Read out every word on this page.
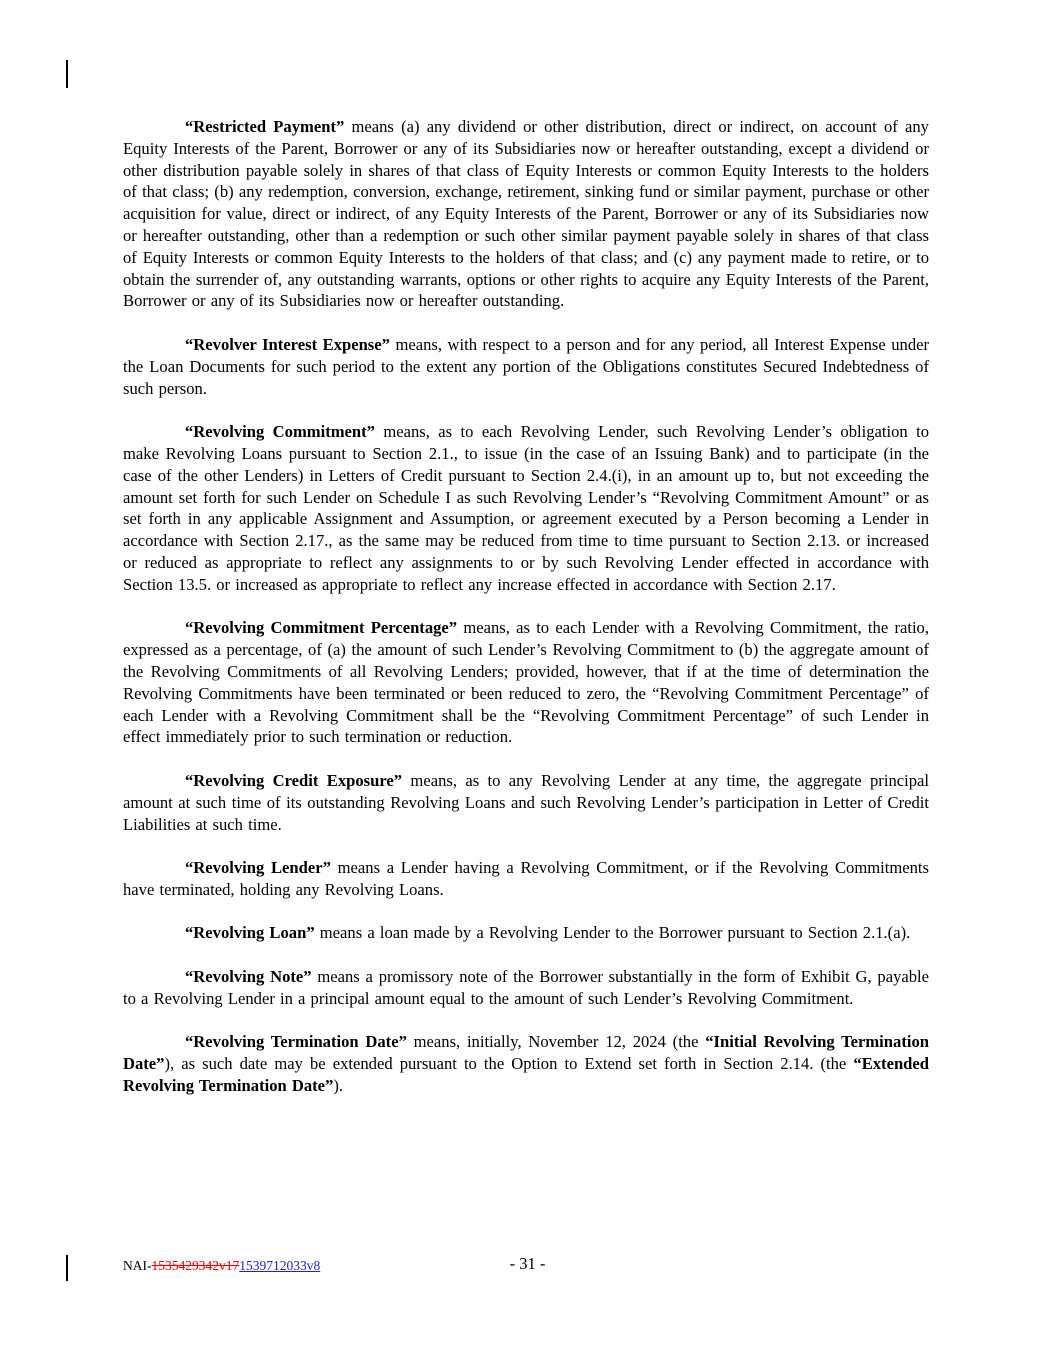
“Restricted Payment” means (a) any dividend or other distribution, direct or indirect, on account of any Equity Interests of the Parent, Borrower or any of its Subsidiaries now or hereafter outstanding, except a dividend or other distribution payable solely in shares of that class of Equity Interests or common Equity Interests to the holders of that class; (b) any redemption, conversion, exchange, retirement, sinking fund or similar payment, purchase or other acquisition for value, direct or indirect, of any Equity Interests of the Parent, Borrower or any of its Subsidiaries now or hereafter outstanding, other than a redemption or such other similar payment payable solely in shares of that class of Equity Interests or common Equity Interests to the holders of that class; and (c) any payment made to retire, or to obtain the surrender of, any outstanding warrants, options or other rights to acquire any Equity Interests of the Parent, Borrower or any of its Subsidiaries now or hereafter outstanding.

“Revolver Interest Expense” means, with respect to a person and for any period, all Interest Expense under the Loan Documents for such period to the extent any portion of the Obligations constitutes Secured Indebtedness of such person.

“Revolving Commitment” means, as to each Revolving Lender, such Revolving Lender’s obligation to make Revolving Loans pursuant to Section 2.1., to issue (in the case of an Issuing Bank) and to participate (in the case of the other Lenders) in Letters of Credit pursuant to Section 2.4.(i), in an amount up to, but not exceeding the amount set forth for such Lender on Schedule I as such Revolving Lender’s “Revolving Commitment Amount” or as set forth in any applicable Assignment and Assumption, or agreement executed by a Person becoming a Lender in accordance with Section 2.17., as the same may be reduced from time to time pursuant to Section 2.13. or increased or reduced as appropriate to reflect any assignments to or by such Revolving Lender effected in accordance with Section 13.5. or increased as appropriate to reflect any increase effected in accordance with Section 2.17.

“Revolving Commitment Percentage” means, as to each Lender with a Revolving Commitment, the ratio, expressed as a percentage, of (a) the amount of such Lender’s Revolving Commitment to (b) the aggregate amount of the Revolving Commitments of all Revolving Lenders; provided, however, that if at the time of determination the Revolving Commitments have been terminated or been reduced to zero, the “Revolving Commitment Percentage” of each Lender with a Revolving Commitment shall be the “Revolving Commitment Percentage” of such Lender in effect immediately prior to such termination or reduction.

“Revolving Credit Exposure” means, as to any Revolving Lender at any time, the aggregate principal amount at such time of its outstanding Revolving Loans and such Revolving Lender’s participation in Letter of Credit Liabilities at such time.

“Revolving Lender” means a Lender having a Revolving Commitment, or if the Revolving Commitments have terminated, holding any Revolving Loans.

“Revolving Loan” means a loan made by a Revolving Lender to the Borrower pursuant to Section 2.1.(a).

“Revolving Note” means a promissory note of the Borrower substantially in the form of Exhibit G, payable to a Revolving Lender in a principal amount equal to the amount of such Lender’s Revolving Commitment.

“Revolving Termination Date” means, initially, November 12, 2024 (the “Initial Revolving Termination Date”), as such date may be extended pursuant to the Option to Extend set forth in Section 2.14. (the “Extended Revolving Termination Date”).

NAI-1535429342v171539712033v8	- 31 -
